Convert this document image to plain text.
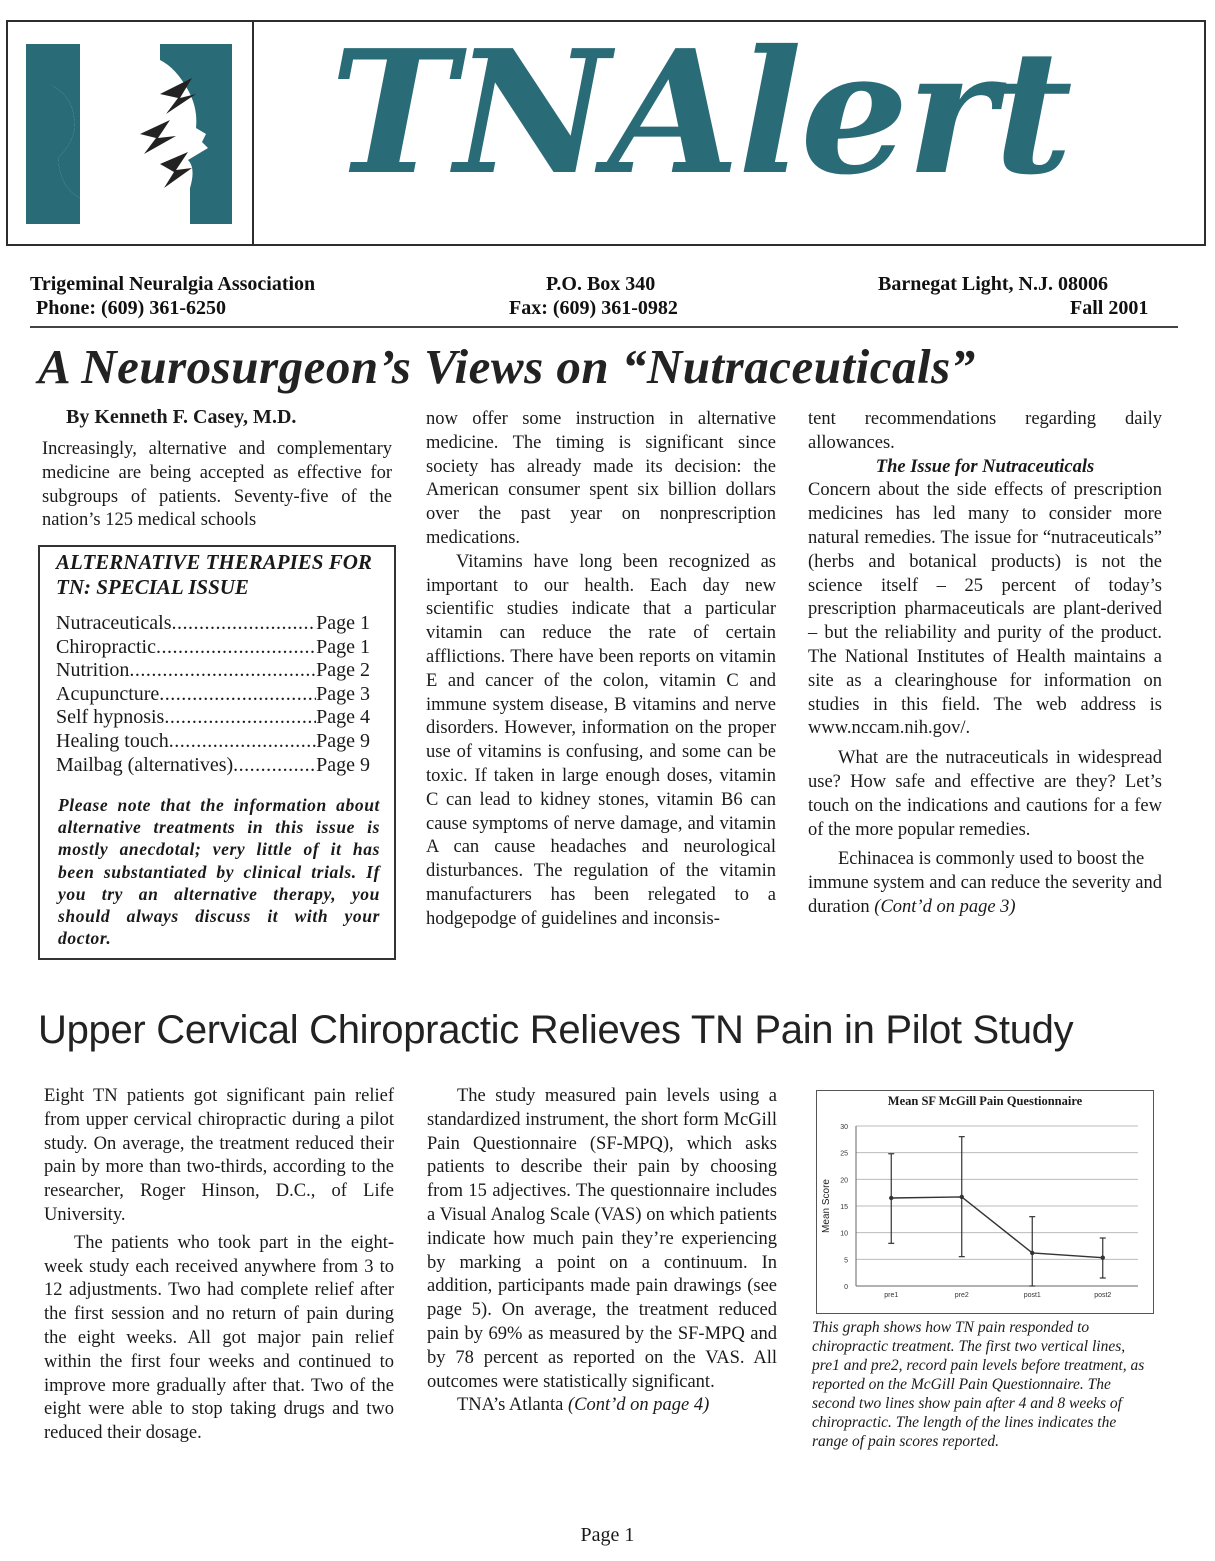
TNAlert
Trigeminal Neuralgia Association
Phone: (609) 361-6250
P.O. Box 340
Fax: (609) 361-0982
Barnegat Light, N.J. 08006
Fall 2001
A Neurosurgeon’s Views on “Nutraceuticals”
By Kenneth F. Casey, M.D.

Increasingly, alternative and complementary medicine are being accepted as effective for subgroups of patients. Seventy-five of the nation’s 125 medical schools

ALTERNATIVE THERAPIES FOR TN: SPECIAL ISSUE
Nutraceuticals .....	Page 1
Chiropractic .....	Page 1
Nutrition .....	Page 2
Acupuncture .....	Page 3
Self hypnosis .....	Page 4
Healing touch .....	Page 9
Mailbag (alternatives) .....	Page 9
Please note that the information about alternative treatments in this issue is mostly anecdotal; very little of it has been substantiated by clinical trials. If you try an alternative therapy, you should always discuss it with your doctor.

now offer some instruction in alternative medicine. The timing is significant since society has already made its decision: the American consumer spent six billion dollars over the past year on nonprescription medications.

Vitamins have long been recognized as important to our health. Each day new scientific studies indicate that a particular vitamin can reduce the rate of certain afflictions. There have been reports on vitamin E and cancer of the colon, vitamin C and immune system disease, B vitamins and nerve disorders. However, information on the proper use of vitamins is confusing, and some can be toxic. If taken in large enough doses, vitamin C can lead to kidney stones, vitamin B6 can cause symptoms of nerve damage, and vitamin A can cause headaches and neurological disturbances. The regulation of the vitamin manufacturers has been relegated to a hodgepodge of guidelines and inconsis-

tent recommendations regarding daily allowances.

The Issue for Nutraceuticals

Concern about the side effects of prescription medicines has led many to consider more natural remedies. The issue for “nutraceuticals” (herbs and botanical products) is not the science itself – 25 percent of today’s prescription pharmaceuticals are plant-derived – but the reliability and purity of the product. The National Institutes of Health maintains a site as a clearinghouse for information on studies in this field. The web address is www.nccam.nih.gov/.

What are the nutraceuticals in widespread use? How safe and effective are they? Let’s touch on the indications and cautions for a few of the more popular remedies.

Echinacea is commonly used to boost the immune system and can reduce the severity and duration (Cont’d on page 3)

Upper Cervical Chiropractic Relieves TN Pain in Pilot Study

Eight TN patients got significant pain relief from upper cervical chiropractic during a pilot study. On average, the treatment reduced their pain by more than two-thirds, according to the researcher, Roger Hinson, D.C., of Life University.

The patients who took part in the eight-week study each received anywhere from 3 to 12 adjustments. Two had complete relief after the first session and no return of pain during the eight weeks. All got major pain relief within the first four weeks and continued to improve more gradually after that. Two of the eight were able to stop taking drugs and two reduced their dosage.

The study measured pain levels using a standardized instrument, the short form McGill Pain Questionnaire (SF-MPQ), which asks patients to describe their pain by choosing from 15 adjectives. The questionnaire includes a Visual Analog Scale (VAS) on which patients indicate how much pain they’re experiencing by marking a point on a continuum. In addition, participants made pain drawings (see page 5). On average, the treatment reduced pain by 69% as measured by the SF-MPQ and by 78 percent as reported on the VAS. All outcomes were statistically significant.

TNA’s Atlanta (Cont’d on page 4)

Mean SF McGill Pain Questionnaire
0
5
10
15
20
25
30
Mean Score
pre1	pre2	post1	post2
This graph shows how TN pain responded to chiropractic treatment. The first two vertical lines, pre1 and pre2, record pain levels before treatment, as reported on the McGill Pain Questionnaire. The second two lines show pain after 4 and 8 weeks of chiropractic. The length of the lines indicates the range of pain scores reported.
Page 1
